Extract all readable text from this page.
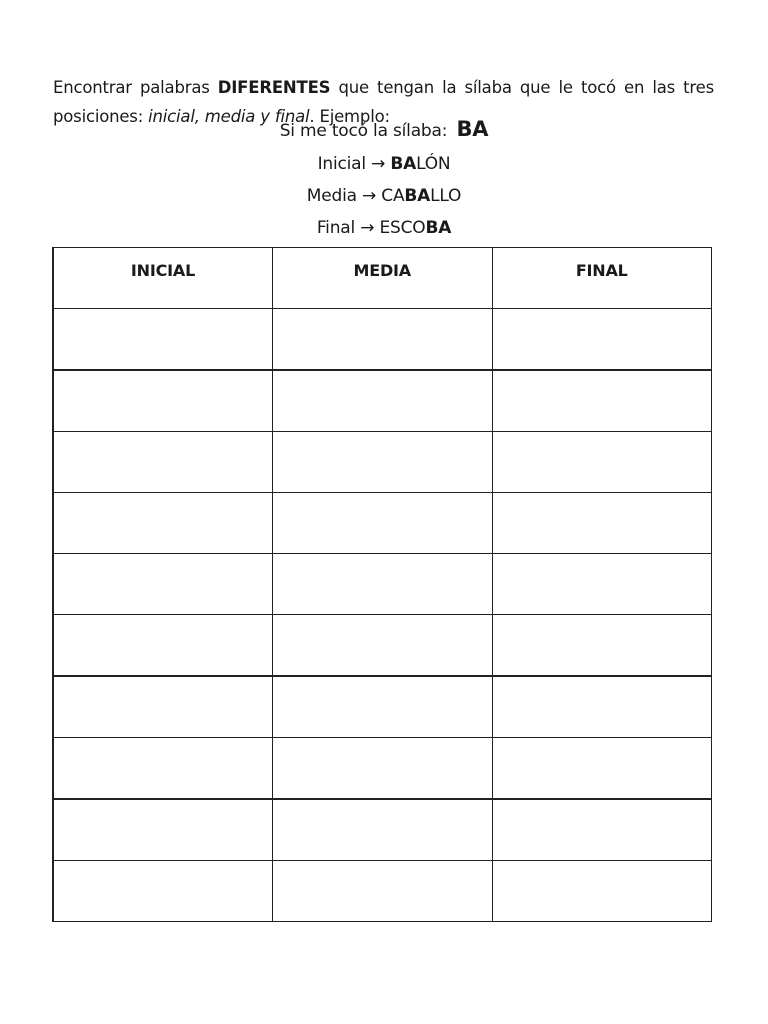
Encontrar palabras DIFERENTES que tengan la sílaba que le tocó en las tres posiciones: inicial, media y final. Ejemplo:

Si me tocó la sílaba: BA
Inicial → BALÓN
Media → CABALLO
Final → ESCOBA
INICIAL	MEDIA	FINAL
